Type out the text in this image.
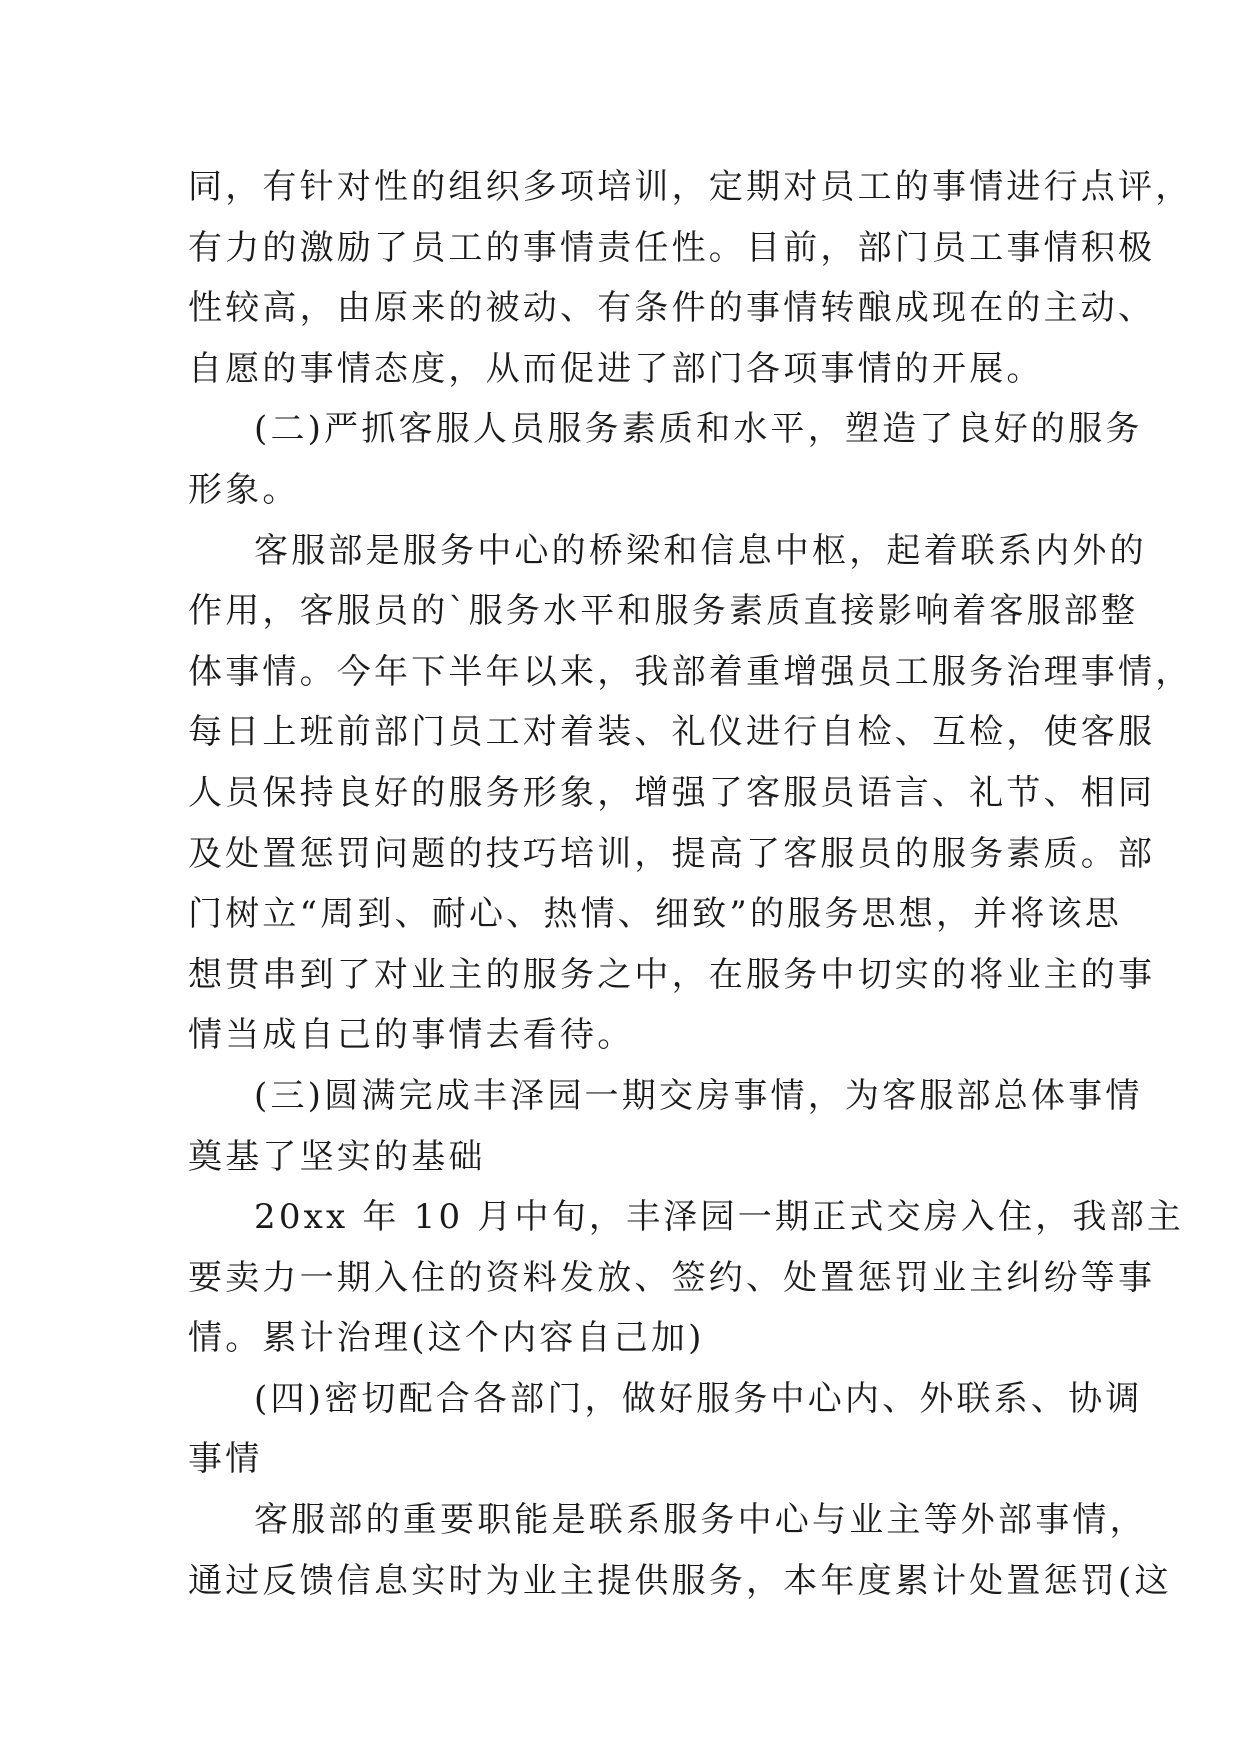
同，有针对性的组织多项培训，定期对员工的事情进行点评，
有力的激励了员工的事情责任性。目前，部门员工事情积极
性较高，由原来的被动、有条件的事情转酿成现在的主动、
自愿的事情态度，从而促进了部门各项事情的开展。
(二)严抓客服人员服务素质和水平，塑造了良好的服务
形象。
客服部是服务中心的桥梁和信息中枢，起着联系内外的
作用，客服员的`服务水平和服务素质直接影响着客服部整
体事情。今年下半年以来，我部着重增强员工服务治理事情，
每日上班前部门员工对着装、礼仪进行自检、互检，使客服
人员保持良好的服务形象，增强了客服员语言、礼节、相同
及处置惩罚问题的技巧培训，提高了客服员的服务素质。部
门树立“周到、耐心、热情、细致”的服务思想，并将该思
想贯串到了对业主的服务之中，在服务中切实的将业主的事
情当成自己的事情去看待。
(三)圆满完成丰泽园一期交房事情，为客服部总体事情
奠基了坚实的基础
20xx 年 10 月中旬，丰泽园一期正式交房入住，我部主
要卖力一期入住的资料发放、签约、处置惩罚业主纠纷等事
情。累计治理(这个内容自己加)
(四)密切配合各部门，做好服务中心内、外联系、协调
事情
客服部的重要职能是联系服务中心与业主等外部事情，
通过反馈信息实时为业主提供服务，本年度累计处置惩罚(这
